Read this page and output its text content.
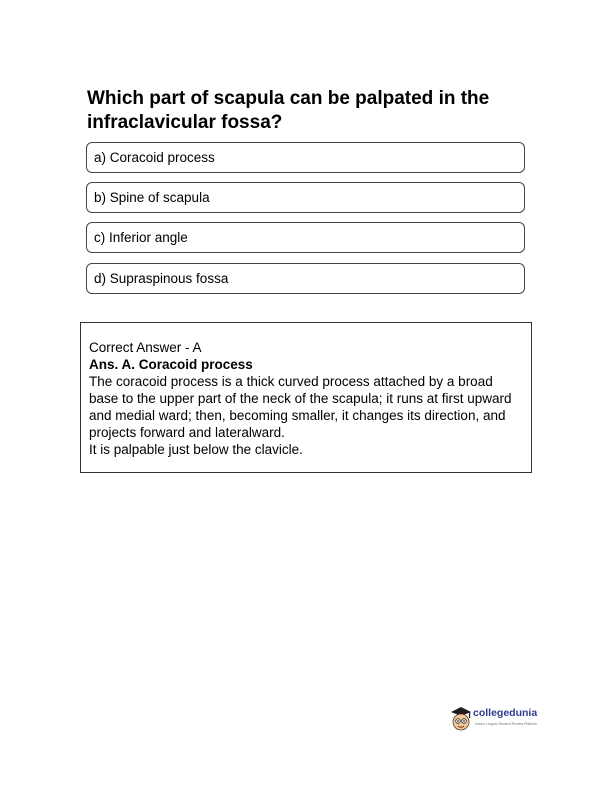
Which part of scapula can be palpated in the infraclavicular fossa?
a) Coracoid process
b) Spine of scapula
c) Inferior angle
d) Supraspinous fossa

Correct Answer - A

Ans. A. Coracoid process

The coracoid process is a thick curved process attached by a broad base to the upper part of the neck of the scapula; it runs at first upward and medial ward; then, becoming smaller, it changes its direction, and projects forward and lateralward.

It is palpable just below the clavicle.

collegedunia
India's Largest Student Review Platform
